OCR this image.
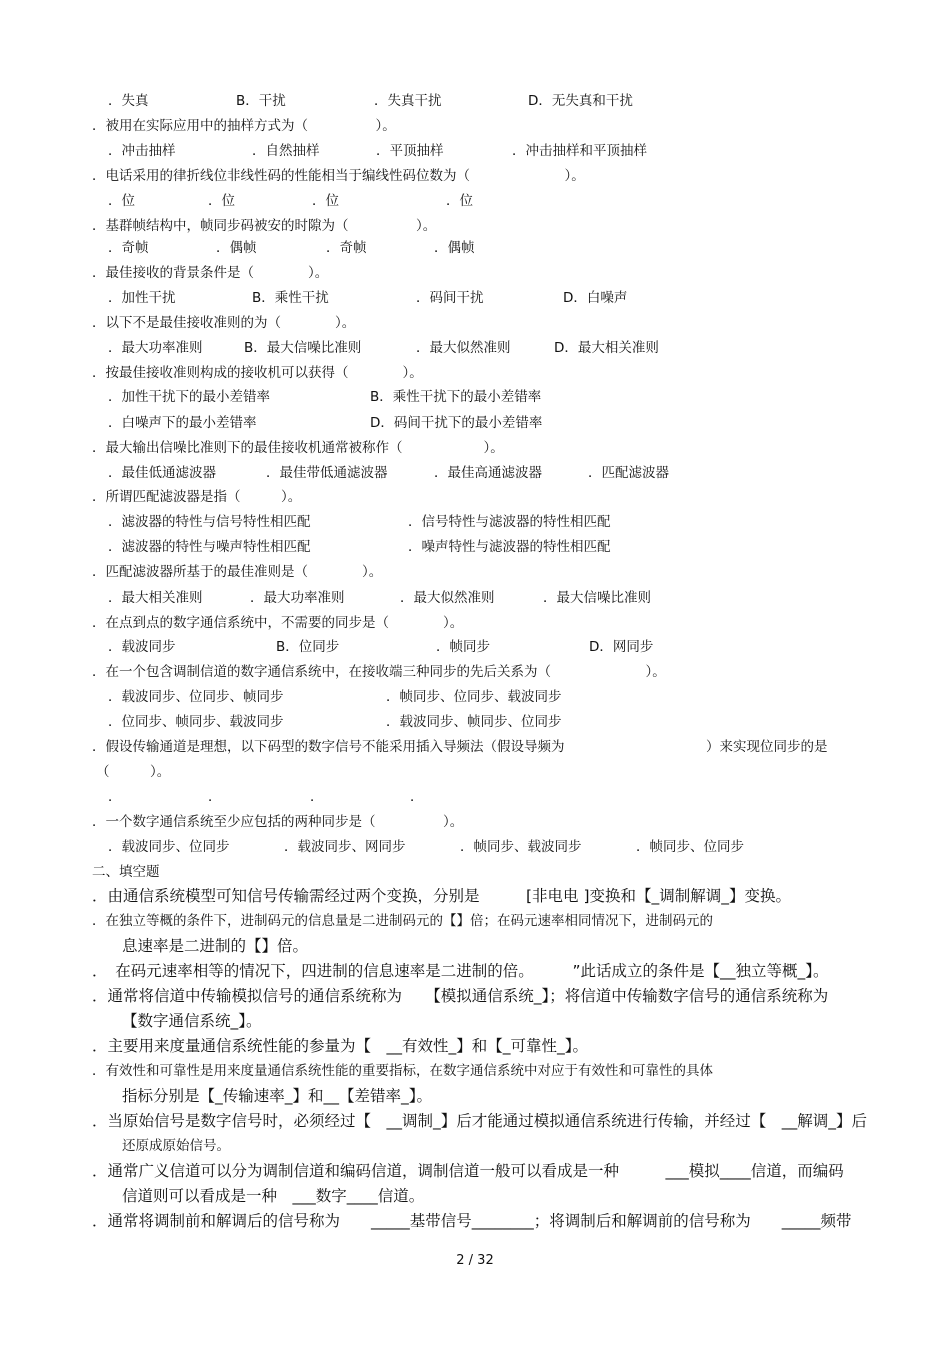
．失真	B．干扰	．失真干扰	D．无失真和干扰
．被用在实际应用中的抽样方式为（　　　　　）。
．冲击抽样	．自然抽样	．平顶抽样	．冲击抽样和平顶抽样
．电话采用的律折线位非线性码的性能相当于编线性码位数为（　　　　　　　）。
．位	．位	．位	．位
．基群帧结构中，帧同步码被安的时隙为（　　　　　）。
．奇帧	．偶帧	．奇帧	．偶帧
．最佳接收的背景条件是（　　　　）。
．加性干扰	B．乘性干扰	．码间干扰	D．白噪声
．以下不是最佳接收准则的为（　　　　）。
．最大功率准则	B．最大信噪比准则	．最大似然准则	D．最大相关准则
．按最佳接收准则构成的接收机可以获得（　　　　）。
．加性干扰下的最小差错率	B．乘性干扰下的最小差错率
．白噪声下的最小差错率	D．码间干扰下的最小差错率
．最大输出信噪比准则下的最佳接收机通常被称作（　　　　　　）。
．最佳低通滤波器	．最佳带低通滤波器	．最佳高通滤波器	．匹配滤波器
．所谓匹配滤波器是指（　　　）。
．滤波器的特性与信号特性相匹配	．信号特性与滤波器的特性相匹配
．滤波器的特性与噪声特性相匹配	．噪声特性与滤波器的特性相匹配
．匹配滤波器所基于的最佳准则是（　　　　）。
．最大相关准则	．最大功率准则	．最大似然准则	．最大信噪比准则
．在点到点的数字通信系统中，不需要的同步是（　　　　）。
．载波同步	B．位同步	．帧同步	D．网同步
．在一个包含调制信道的数字通信系统中，在接收端三种同步的先后关系为（　　　　　　　）。
．载波同步、位同步、帧同步	．帧同步、位同步、载波同步
．位同步、帧同步、载波同步	．载波同步、帧同步、位同步
．假设传输通道是理想，以下码型的数字信号不能采用插入导频法（假设导频为	）来实现位同步的是
（　　　）。
．	．	．	．
．一个数字通信系统至少应包括的两种同步是（　　　　　）。
．载波同步、位同步	．载波同步、网同步	．帧同步、载波同步	．帧同步、位同步
二、填空题
．由通信系统模型可知信号传输需经过两个变换，分别是　　　[非电电 ]变换和【_调制解调_】变换。
．在独立等概的条件下，进制码元的信息量是二进制码元的【】倍；在码元速率相同情况下，进制码元的
息速率是二进制的【】倍。
．　在码元速率相等的情况下，四进制的信息速率是二进制的倍。　　　”此话成立的条件是【__独立等概_】。
．通常将信道中传输模拟信号的通信系统称为　　【模拟通信系统_】；将信道中传输数字信号的通信系统称为
【数字通信系统_】。
．主要用来度量通信系统性能的参量为【　__有效性_】和【_可靠性_】。
．有效性和可靠性是用来度量通信系统性能的重要指标，在数字通信系统中对应于有效性和可靠性的具体
指标分别是【_传输速率_】和__【差错率_】。
．当原始信号是数字信号时，必须经过【　__调制_】后才能通过模拟通信系统进行传输，并经过【　__解调_】后
还原成原始信号。
．通常广义信道可以分为调制信道和编码信道，调制信道一般可以看成是一种　　　___模拟____信道，而编码
信道则可以看成是一种　___数字____信道。
．通常将调制前和解调后的信号称为　　_____基带信号________；将调制后和解调前的信号称为　　_____频带
2 / 32
